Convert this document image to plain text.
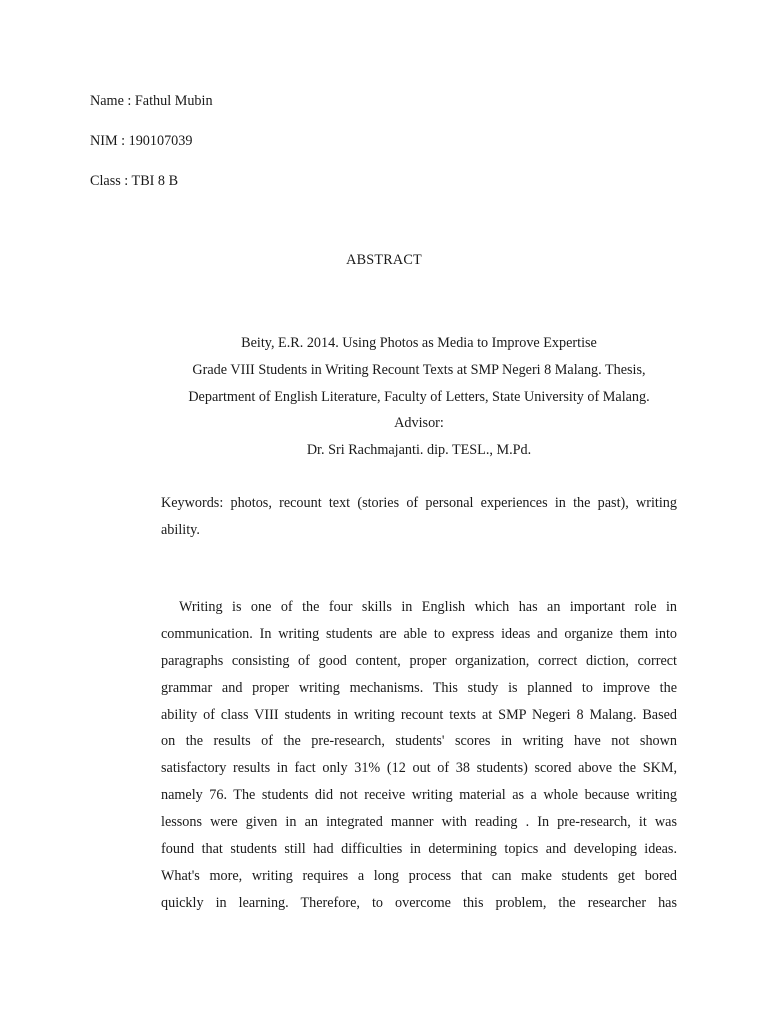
Name : Fathul Mubin

NIM : 190107039

Class : TBI 8 B

ABSTRACT
Beity, E.R. 2014. Using Photos as Media to Improve Expertise
Grade VIII Students in Writing Recount Texts at SMP Negeri 8 Malang. Thesis,
Department of English Literature, Faculty of Letters, State University of Malang.
Advisor:
Dr. Sri Rachmajanti. dip. TESL., M.Pd.

Keywords: photos, recount text (stories of personal experiences in the past), writing ability.

Writing is one of the four skills in English which has an important role in
communication. In writing students are able to express ideas and organize them into
paragraphs consisting of good content, proper organization, correct diction, correct
grammar and proper writing mechanisms. This study is planned to improve the
ability of class VIII students in writing recount texts at SMP Negeri 8 Malang. Based
on the results of the pre-research, students' scores in writing have not shown
satisfactory results in fact only 31% (12 out of 38 students) scored above the SKM,
namely 76. The students did not receive writing material as a whole because writing
lessons were given in an integrated manner with reading . In pre-research, it was
found that students still had difficulties in determining topics and developing ideas.
What's more, writing requires a long process that can make students get bored
quickly in learning. Therefore, to overcome this problem, the researcher has
